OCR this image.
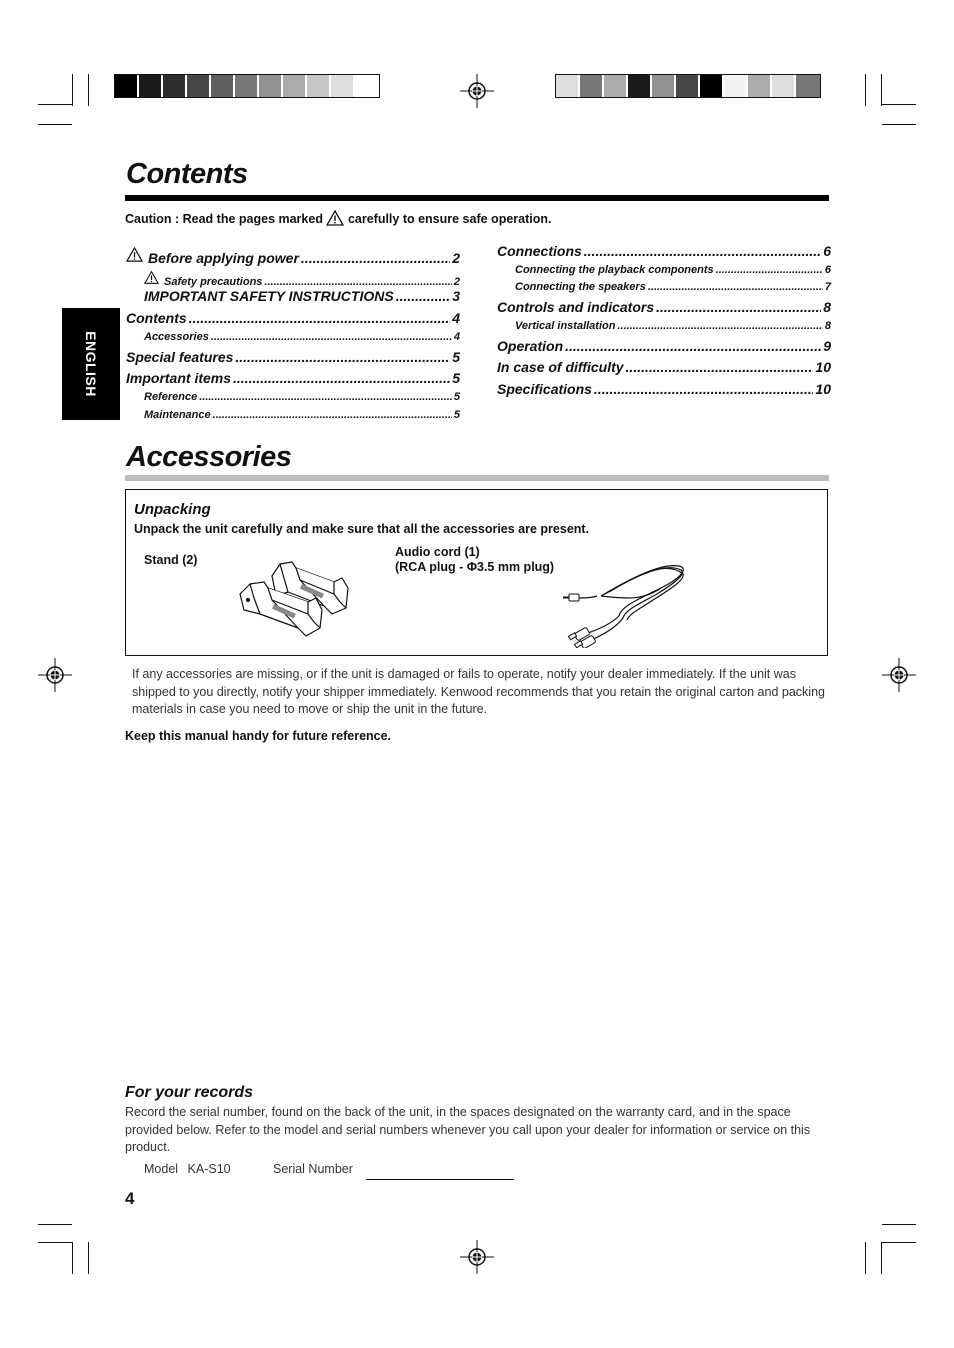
Contents
Caution : Read the pages marked carefully to ensure safe operation.
Before applying power .....	2
Safety precautions .....	2
IMPORTANT SAFETY INSTRUCTIONS .....	3
Contents .....	4
Accessories .....	4
Special features .....	5
Important items .....	5
Reference .....	5
Maintenance .....	5
Connections .....	6
Connecting the playback components .....	6
Connecting the speakers .....	7
Controls and indicators .....	8
Vertical installation .....	8
Operation .....	9
In case of difficulty .....	10
Specifications .....	10
ENGLISH
Accessories
Unpacking
Unpack the unit carefully and make sure that all the accessories are present.
Stand (2)
Audio cord (1)
(RCA plug - Φ3.5 mm plug)
If any accessories are missing, or if the unit is damaged or fails to operate, notify your dealer immediately. If the unit was shipped to you directly, notify your shipper immediately. Kenwood recommends that you retain the original carton and packing materials in case you need to move or ship the unit in the future.
Keep this manual handy for future reference.
For your records
Record the serial number, found on the back of the unit, in the spaces designated on the warranty card, and in the space provided below. Refer to the model and serial numbers whenever you call upon your dealer for information or service on this product.
Model KA-S10	Serial Number
4
